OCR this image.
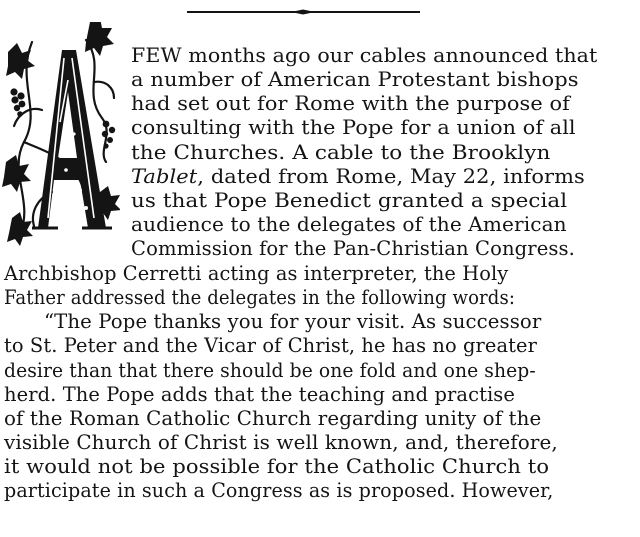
FEW months ago our cables announced that
a number of American Protestant bishops
had set out for Rome with the purpose of
consulting with the Pope for a union of all
the Churches. A cable to the Brooklyn
Tablet, dated from Rome, May 22, informs
us that Pope Benedict granted a special
audience to the delegates of the American
Commission for the Pan-Christian Congress.
Archbishop Cerretti acting as interpreter, the Holy
Father addressed the delegates in the following words:
“The Pope thanks you for your visit. As successor
to St. Peter and the Vicar of Christ, he has no greater
desire than that there should be one fold and one shep-
herd. The Pope adds that the teaching and practise
of the Roman Catholic Church regarding unity of the
visible Church of Christ is well known, and, therefore,
it would not be possible for the Catholic Church to
participate in such a Congress as is proposed. However,
